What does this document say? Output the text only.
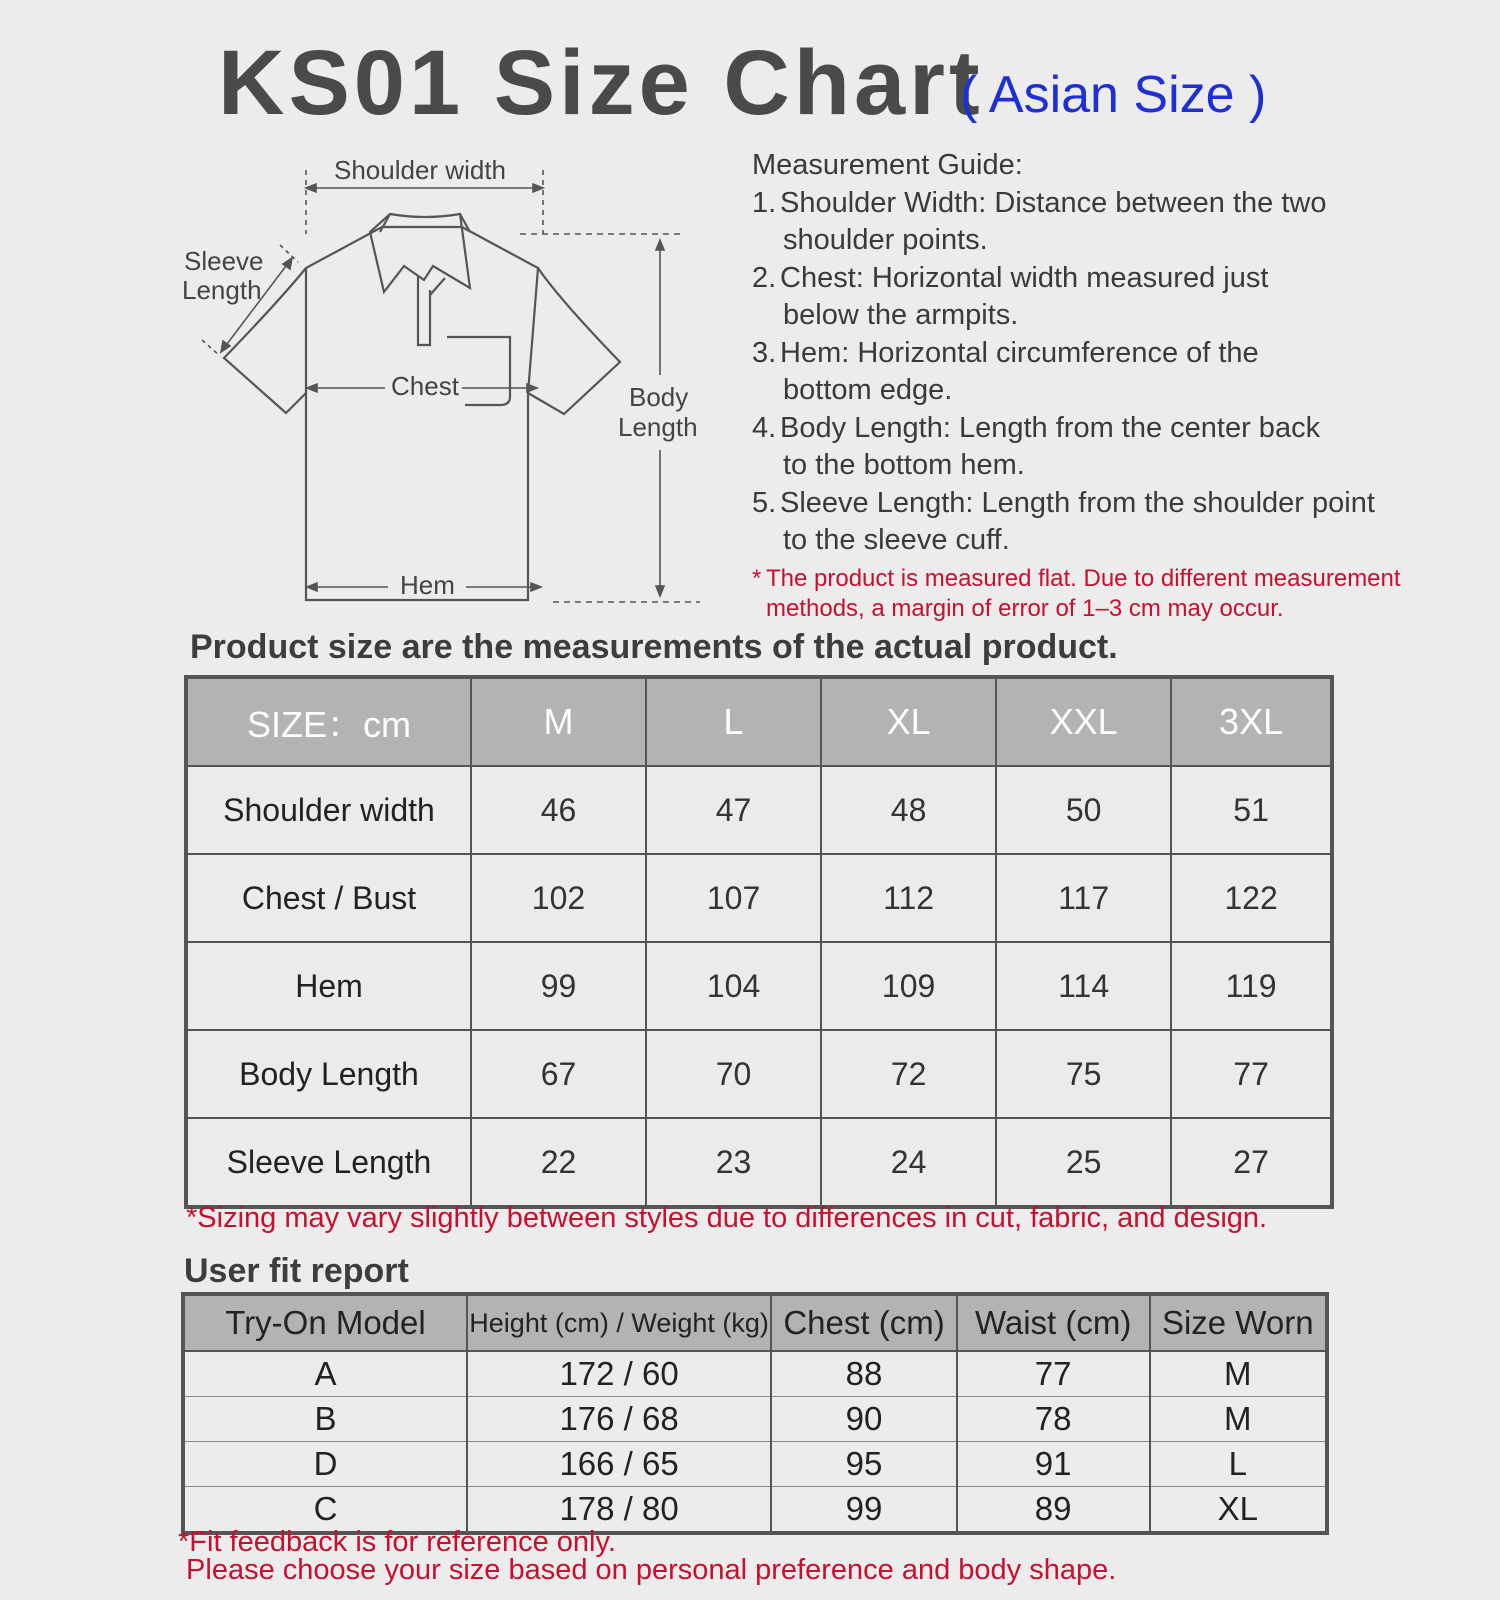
KS01 Size Chart
( Asian Size )
Shoulder width
Sleeve
Length
Chest	Body
Length
Hem
Measurement Guide:
1. Shoulder Width: Distance between the two
shoulder points.
2. Chest: Horizontal width measured just
below the armpits.
3. Hem: Horizontal circumference of the
bottom edge.
4. Body Length: Length from the center back
to the bottom hem.
5. Sleeve Length: Length from the shoulder point
to the sleeve cuff.
* The product is measured flat. Due to different measurement
methods, a margin of error of 1–3 cm may occur.
Product size are the measurements of the actual product.
SIZE：cm	M	L	XL	XXL	3XL
Shoulder width	46	47	48	50	51
Chest / Bust	102	107	112	117	122
Hem	99	104	109	114	119
Body Length	67	70	72	75	77
Sleeve Length	22	23	24	25	27
*Sizing may vary slightly between styles due to differences in cut, fabric, and design.
User fit report
Try-On Model	Height (cm) / Weight (kg)	Chest (cm)	Waist (cm)	Size Worn
A	172 / 60	88	77	M
B	176 / 68	90	78	M
D	166 / 65	95	91	L
C	178 / 80	99	89	XL
*Fit feedback is for reference only.
Please choose your size based on personal preference and body shape.
